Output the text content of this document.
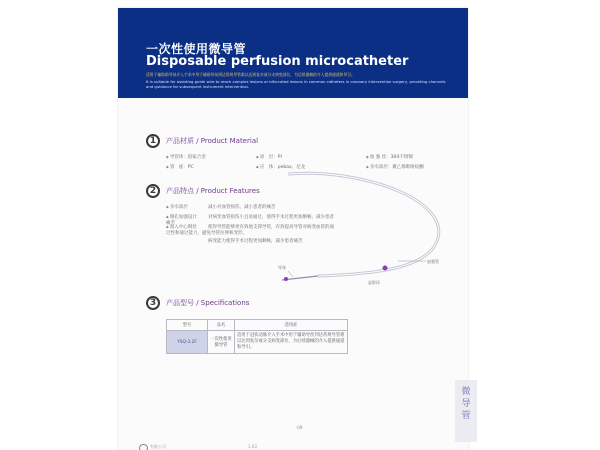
一次性使用微导管
Disposable perfusion microcatheter
适用于辅助助导丝介入手术中用于辅助导丝到达常规导管难以达到复杂或分支病变部位，为后续器械的介入提供通道和导引。
It is suitable for assisting guide wire to reach complex lesions or bifurcated lesions in common catheters in coronary intervention surgery, providing channels and guidance for subsequent instrument intervention.
1	产品材质 / Product Material
◆ 导管体：铂铱合金	◆ 涂　层：PI	◆ 加 强 丝：304不锈钢
◆ 管　座：PC	◆ 应　体：pebax、尼龙	◆ 亲水涂层：聚乙烯吡咯烷酮
2	产品特点 / Product Features
◆ 亲水涂层	减小对血管损伤、减小患者的痛苦
◆ 微孔加强设计 对病变血管损伤小且易通过，使得手术过程更加顺畅，减少患者痛苦
◆ 加入中心钢丝 使得导管能够更有效地支撑导管，有效提高导管对病变血管的通过性和通过能力，避免导管拉伸和变形。
病变能力使得手术过程更加顺畅，减少患者痛苦
加强管
导丝
显影环
3	产品型号 / Specifications
型号	品名	适用症
YSQ-3.2F	一次性使用微导管	适用于冠状动脉介入手术中用于辅助导丝到达常规导管难以达到复杂或分支病变部位，为后续器械的介入提供通道和导引。
·09
有限公司	1.03
微
导
管
